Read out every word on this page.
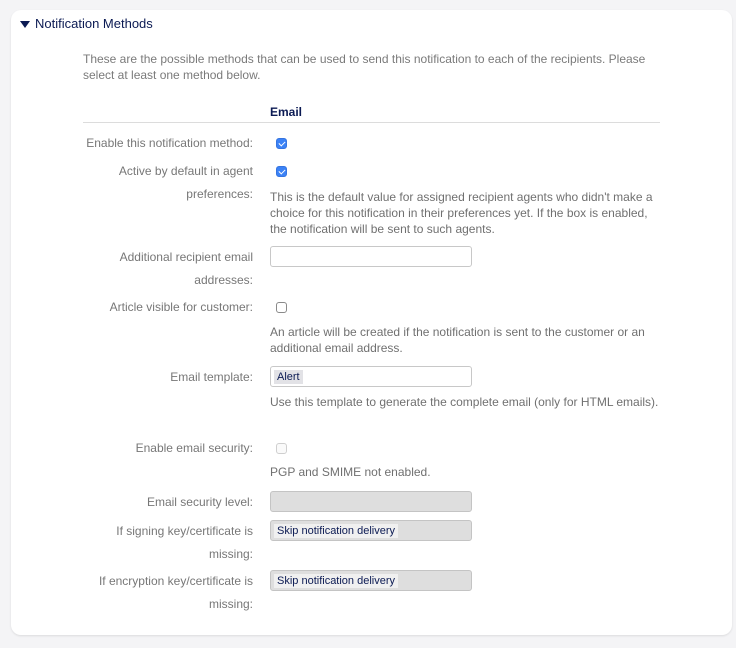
Notification Methods
These are the possible methods that can be used to send this notification to each of the recipients. Please select at least one method below.
Email
Enable this notification method:
Active by default in agent preferences: This is the default value for assigned recipient agents who didn't make a choice for this notification in their preferences yet. If the box is enabled, the notification will be sent to such agents.
Additional recipient email addresses:
Article visible for customer:
An article will be created if the notification is sent to the customer or an additional email address.
Email template: Alert
Use this template to generate the complete email (only for HTML emails).
Enable email security:
PGP and SMIME not enabled.
Email security level:
If signing key/certificate is missing:
Skip notification delivery
If encryption key/certificate is missing:
Skip notification delivery
